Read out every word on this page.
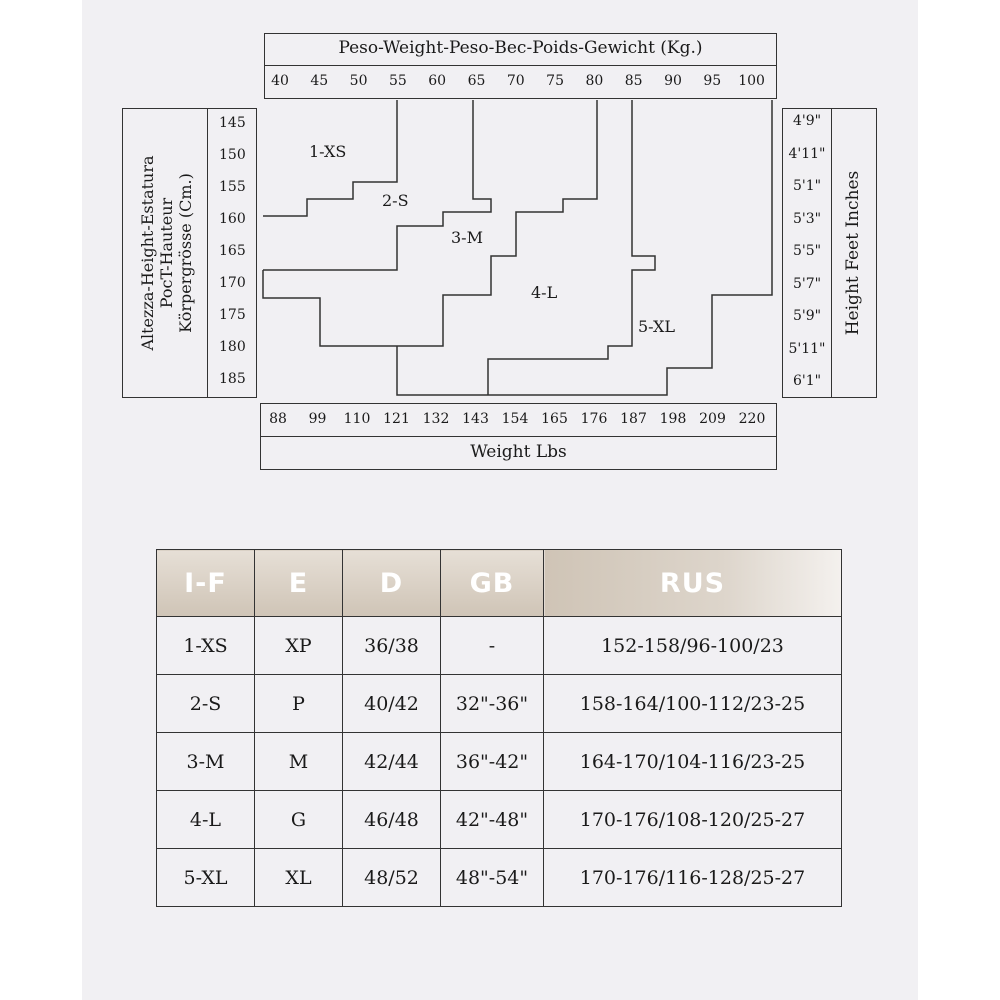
Peso-Weight-Peso-Bec-Poids-Gewicht (Kg.)
40 45 50 55 60 65 70 75 80 85 90 95 100
Altezza-Height-Estatura PocT-Hauteur Körpergrösse (Cm.)
145
150
155
160
165
170
175
180
185
4'9"
4'11"
5'1"
5'3"
5'5"
5'7"
5'9"
5'11"
6'1"
Height Feet Inches
88 99 110 121 132 143 154 165 176 187 198 209 220
Weight Lbs
1-XS
2-S
3-M
4-L
5-XL
I-F	E	D	GB	RUS
1-XS	XP	36/38	-	152-158/96-100/23
2-S	P	40/42	32"-36"	158-164/100-112/23-25
3-M	M	42/44	36"-42"	164-170/104-116/23-25
4-L	G	46/48	42"-48"	170-176/108-120/25-27
5-XL	XL	48/52	48"-54"	170-176/116-128/25-27
